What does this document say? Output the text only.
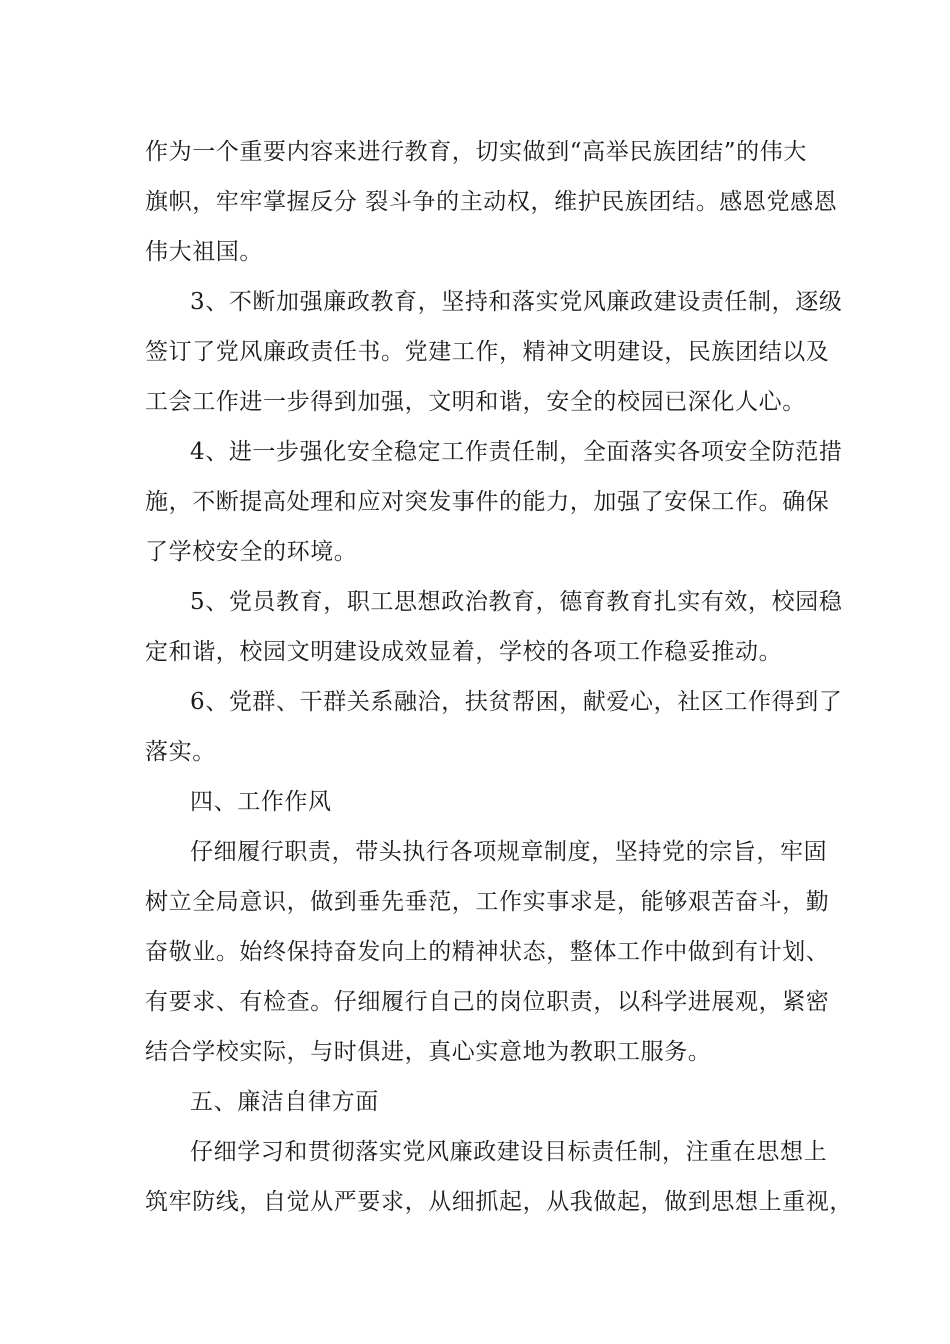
作为一个重要内容来进行教育，切实做到“高举民族团结”的伟大
旗帜，牢牢掌握反分 裂斗争的主动权，维护民族团结。感恩党感恩
伟大祖国。
3、不断加强廉政教育，坚持和落实党风廉政建设责任制，逐级
签订了党风廉政责任书。党建工作，精神文明建设，民族团结以及
工会工作进一步得到加强，文明和谐，安全的校园已深化人心。
4、进一步强化安全稳定工作责任制，全面落实各项安全防范措
施，不断提高处理和应对突发事件的能力，加强了安保工作。确保
了学校安全的环境。
5、党员教育，职工思想政治教育，德育教育扎实有效，校园稳
定和谐，校园文明建设成效显着，学校的各项工作稳妥推动。
6、党群、干群关系融洽，扶贫帮困，献爱心，社区工作得到了
落实。
四、工作作风
仔细履行职责，带头执行各项规章制度，坚持党的宗旨，牢固
树立全局意识，做到垂先垂范，工作实事求是，能够艰苦奋斗，勤
奋敬业。始终保持奋发向上的精神状态，整体工作中做到有计划、
有要求、有检查。仔细履行自己的岗位职责，以科学进展观，紧密
结合学校实际，与时俱进，真心实意地为教职工服务。
五、廉洁自律方面
仔细学习和贯彻落实党风廉政建设目标责任制，注重在思想上
筑牢防线，自觉从严要求，从细抓起，从我做起，做到思想上重视，
